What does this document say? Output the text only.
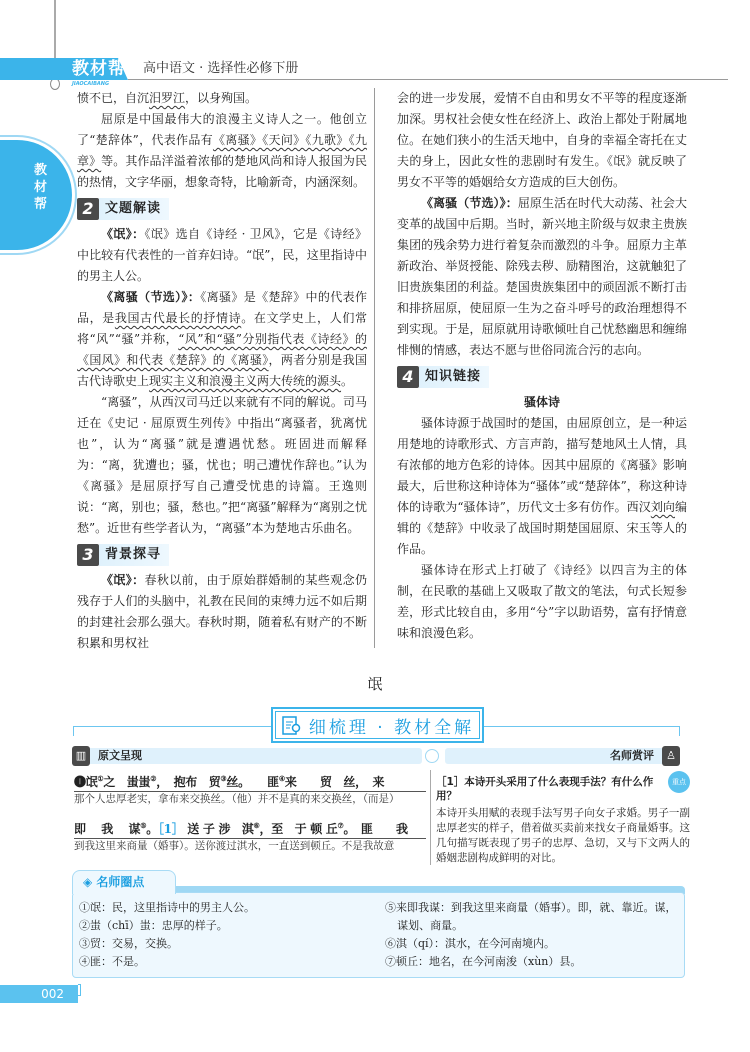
教材帮
JIAOCAIBANG
高中语文 · 选择性必修下册
教材帮

愤不已，自沉汨罗江，以身殉国。

屈原是中国最伟大的浪漫主义诗人之一。他创立了“楚辞体”，代表作品有《离骚》《天问》《九歌》《九章》等。其作品洋溢着浓郁的楚地风尚和诗人报国为民的热情，文字华丽，想象奇特，比喻新奇，内涵深刻。

2 文题解读

《氓》：《氓》选自《诗经 · 卫风》，它是《诗经》中比较有代表性的一首弃妇诗。“氓”，民，这里指诗中的男主人公。

《离骚（节选）》：《离骚》是《楚辞》中的代表作品，是我国古代最长的抒情诗。在文学史上，人们常将“风”“骚”并称，“风”和“骚”分别指代表《诗经》的《国风》和代表《楚辞》的《离骚》，两者分别是我国古代诗歌史上现实主义和浪漫主义两大传统的源头。

“离骚”，从西汉司马迁以来就有不同的解说。司马迁在《史记 · 屈原贾生列传》中指出“离骚者，犹离忧也”，认为“离骚”就是遭遇忧愁。班固进而解释为：“离，犹遭也；骚，忧也；明己遭忧作辞也。”认为《离骚》是屈原抒写自己遭受忧患的诗篇。王逸则说：“离，别也；骚，愁也。”把“离骚”解释为“离别之忧愁”。近世有些学者认为，“离骚”本为楚地古乐曲名。

3 背景探寻

《氓》：春秋以前，由于原始群婚制的某些观念仍残存于人们的头脑中，礼教在民间的束缚力远不如后期的封建社会那么强大。春秋时期，随着私有财产的不断积累和男权社

会的进一步发展，爱情不自由和男女不平等的程度逐渐加深。男权社会使女性在经济上、政治上都处于附属地位。在她们狭小的生活天地中，自身的幸福全寄托在丈夫的身上，因此女性的悲剧时有发生。《氓》就反映了男女不平等的婚姻给女方造成的巨大创伤。

《离骚（节选）》：屈原生活在时代大动荡、社会大变革的战国中后期。当时，新兴地主阶级与奴隶主贵族集团的残余势力进行着复杂而激烈的斗争。屈原力主革新政治、举贤授能、除残去秽、励精图治，这就触犯了旧贵族集团的利益。楚国贵族集团中的顽固派不断打击和排挤屈原，使屈原一生为之奋斗呼号的政治理想得不到实现。于是，屈原就用诗歌倾吐自己忧愁幽思和缠绵悱恻的情感，表达不愿与世俗同流合污的志向。

4 知识链接

骚体诗

骚体诗源于战国时的楚国，由屈原创立，是一种运用楚地的诗歌形式、方言声韵，描写楚地风土人情，具有浓郁的地方色彩的诗体。因其中屈原的《离骚》影响最大，后世称这种诗体为“骚体”或“楚辞体”，称这种诗体的诗歌为“骚体诗”，历代文士多有仿作。西汉刘向编辑的《楚辞》中收录了战国时期楚国屈原、宋玉等人的作品。

骚体诗在形式上打破了《诗经》以四言为主的体制，在民歌的基础上又吸取了散文的笔法，句式长短参差，形式比较自由，多用“兮”字以助语势，富有抒情意味和浪漫色彩。

氓
细梳理 · 教材全解
▥	原文呈现	名师赏评	♙
❶氓①之　蚩蚩②，　抱布　贸③丝。　　匪④来　　贸　丝，　来
那个人忠厚老实，拿布来交换丝。（他）并不是真的来交换丝，（而是）
即　 我　 谋⑤。［1］ 送 子 涉　淇⑥，至　于 顿 丘⑦。　匪　　我
到我这里来商量（婚事）。送你渡过淇水，一直送到顿丘。不是我故意
［1］本诗开头采用了什么表现手法？有什么作用？
重点
本诗开头用赋的表现手法写男子向女子求婚。男子一副忠厚老实的样子，借着做买卖前来找女子商量婚事。这几句描写既表现了男子的忠厚、急切，又与下文两人的婚姻悲剧构成鲜明的对比。
①氓：民，这里指诗中的男主人公。
②蚩（chī）蚩：忠厚的样子。
③贸：交易，交换。
④匪：不是。
⑤来即我谋：到我这里来商量（婚事）。即，就、靠近。谋，谋划、商量。
⑥淇（qí）：淇水，在今河南境内。
⑦顿丘：地名，在今河南浚（xùn）县。
◈ 名师圈点
002
